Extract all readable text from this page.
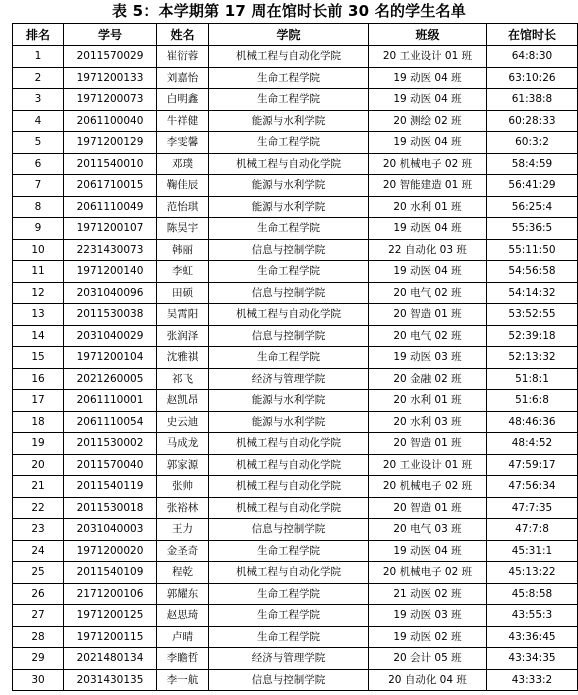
表 5：本学期第 17 周在馆时长前 30 名的学生名单
排名	学号	姓名	学院	班级	在馆时长
1	2011570029	崔衍蓉	机械工程与自动化学院	20 工业设计 01 班	64:8:30
2	1971200133	刘嘉怡	生命工程学院	19 动医 04 班	63:10:26
3	1971200073	白明鑫	生命工程学院	19 动医 04 班	61:38:8
4	2061100040	牛祥健	能源与水利学院	20 测绘 02 班	60:28:33
5	1971200129	李雯馨	生命工程学院	19 动医 04 班	60:3:2
6	2011540010	邓璞	机械工程与自动化学院	20 机械电子 02 班	58:4:59
7	2061710015	鞠佳辰	能源与水利学院	20 智能建造 01 班	56:41:29
8	2061110049	范怡琪	能源与水利学院	20 水利 01 班	56:25:4
9	1971200107	陈昊宇	生命工程学院	19 动医 04 班	55:36:5
10	2231430073	韩丽	信息与控制学院	22 自动化 03 班	55:11:50
11	1971200140	李虹	生命工程学院	19 动医 04 班	54:56:58
12	2031040096	田硕	信息与控制学院	20 电气 02 班	54:14:32
13	2011530038	吴霄阳	机械工程与自动化学院	20 智造 01 班	53:52:55
14	2031040029	张润泽	信息与控制学院	20 电气 02 班	52:39:18
15	1971200104	沈雅祺	生命工程学院	19 动医 03 班	52:13:32
16	2021260005	祁飞	经济与管理学院	20 金融 02 班	51:8:1
17	2061110001	赵凯昂	能源与水利学院	20 水利 01 班	51:6:8
18	2061110054	史云迪	能源与水利学院	20 水利 03 班	48:46:36
19	2011530002	马成龙	机械工程与自动化学院	20 智造 01 班	48:4:52
20	2011570040	郭家源	机械工程与自动化学院	20 工业设计 01 班	47:59:17
21	2011540119	张帅	机械工程与自动化学院	20 机械电子 02 班	47:56:34
22	2011530018	张裕林	机械工程与自动化学院	20 智造 01 班	47:7:35
23	2031040003	王力	信息与控制学院	20 电气 03 班	47:7:8
24	1971200020	金圣奇	生命工程学院	19 动医 04 班	45:31:1
25	2011540109	程乾	机械工程与自动化学院	20 机械电子 02 班	45:13:22
26	2171200106	郭耀东	生命工程学院	21 动医 02 班	45:8:58
27	1971200125	赵思琦	生命工程学院	19 动医 03 班	43:55:3
28	1971200115	卢晴	生命工程学院	19 动医 02 班	43:36:45
29	2021480134	李瞻哲	经济与管理学院	20 会计 05 班	43:34:35
30	2031430135	李一航	信息与控制学院	20 自动化 04 班	43:33:2
